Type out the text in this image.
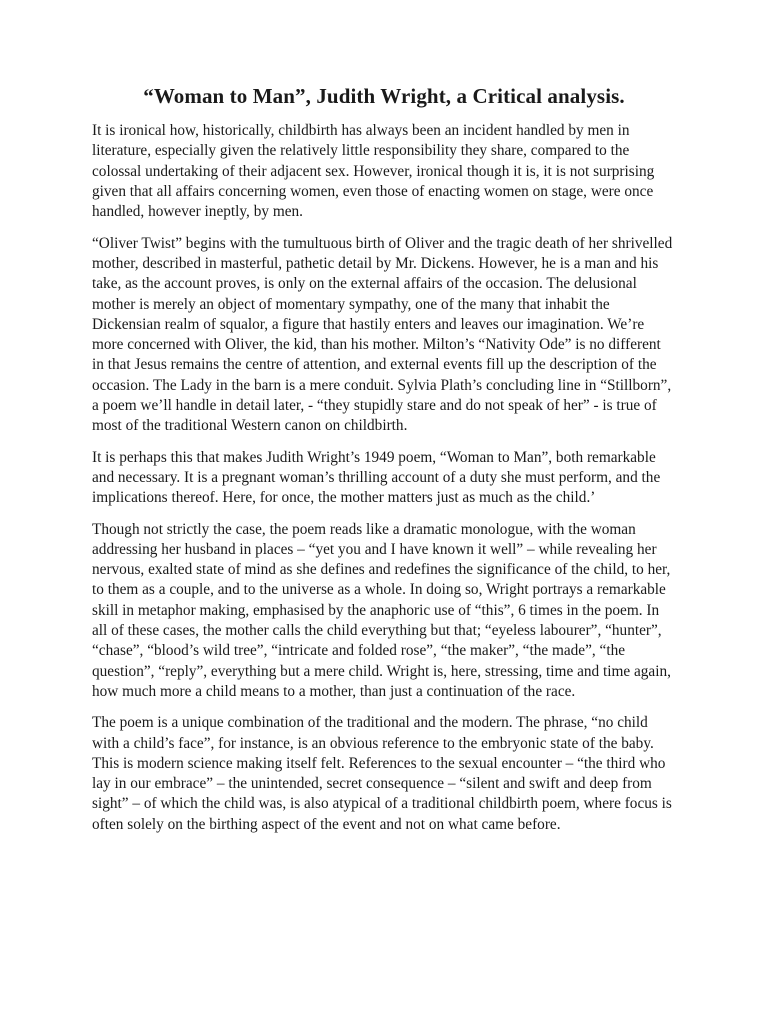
“Woman to Man”, Judith Wright, a Critical analysis.

It is ironical how, historically, childbirth has always been an incident handled by men in literature, especially given the relatively little responsibility they share, compared to the colossal undertaking of their adjacent sex. However, ironical though it is, it is not surprising given that all affairs concerning women, even those of enacting women on stage, were once handled, however ineptly, by men.

“Oliver Twist” begins with the tumultuous birth of Oliver and the tragic death of her shrivelled mother, described in masterful, pathetic detail by Mr. Dickens. However, he is a man and his take, as the account proves, is only on the external affairs of the occasion. The delusional mother is merely an object of momentary sympathy, one of the many that inhabit the Dickensian realm of squalor, a figure that hastily enters and leaves our imagination. We’re more concerned with Oliver, the kid, than his mother. Milton’s “Nativity Ode” is no different in that Jesus remains the centre of attention, and external events fill up the description of the occasion. The Lady in the barn is a mere conduit. Sylvia Plath’s concluding line in “Stillborn”, a poem we’ll handle in detail later, - “they stupidly stare and do not speak of her” - is true of most of the traditional Western canon on childbirth.

It is perhaps this that makes Judith Wright’s 1949 poem, “Woman to Man”, both remarkable and necessary. It is a pregnant woman’s thrilling account of a duty she must perform, and the implications thereof. Here, for once, the mother matters just as much as the child.’

Though not strictly the case, the poem reads like a dramatic monologue, with the woman addressing her husband in places – “yet you and I have known it well” – while revealing her nervous, exalted state of mind as she defines and redefines the significance of the child, to her, to them as a couple, and to the universe as a whole. In doing so, Wright portrays a remarkable skill in metaphor making, emphasised by the anaphoric use of “this”, 6 times in the poem. In all of these cases, the mother calls the child everything but that; “eyeless labourer”, “hunter”, “chase”, “blood’s wild tree”, “intricate and folded rose”, “the maker”, “the made”, “the question”, “reply”, everything but a mere child. Wright is, here, stressing, time and time again, how much more a child means to a mother, than just a continuation of the race.

The poem is a unique combination of the traditional and the modern. The phrase, “no child with a child’s face”, for instance, is an obvious reference to the embryonic state of the baby. This is modern science making itself felt. References to the sexual encounter – “the third who lay in our embrace” – the unintended, secret consequence – “silent and swift and deep from sight” – of which the child was, is also atypical of a traditional childbirth poem, where focus is often solely on the birthing aspect of the event and not on what came before.
